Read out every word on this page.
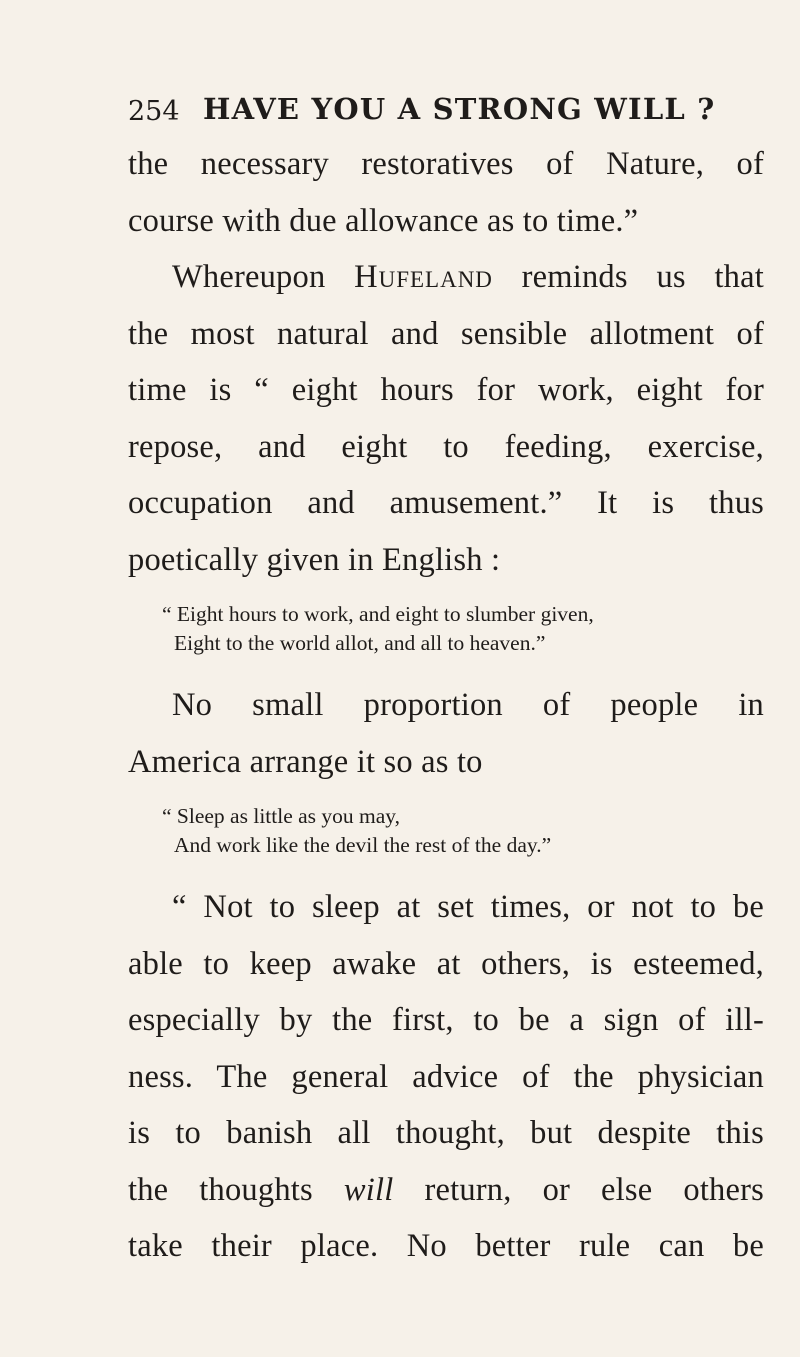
254 HAVE YOU A STRONG WILL ?
the necessary restoratives of Nature, of
course with due allowance as to time.”
Whereupon Hufeland reminds us that
the most natural and sensible allotment of
time is “ eight hours for work, eight for
repose, and eight to feeding, exercise,
occupation and amusement.” It is thus
poetically given in English :
“ Eight hours to work, and eight to slumber given,
Eight to the world allot, and all to heaven.”
No small proportion of people in
America arrange it so as to
“ Sleep as little as you may,
And work like the devil the rest of the day.”
“ Not to sleep at set times, or not to be
able to keep awake at others, is esteemed,
especially by the first, to be a sign of ill-
ness. The general advice of the physician
is to banish all thought, but despite this
the thoughts will return, or else others
take their place. No better rule can be
